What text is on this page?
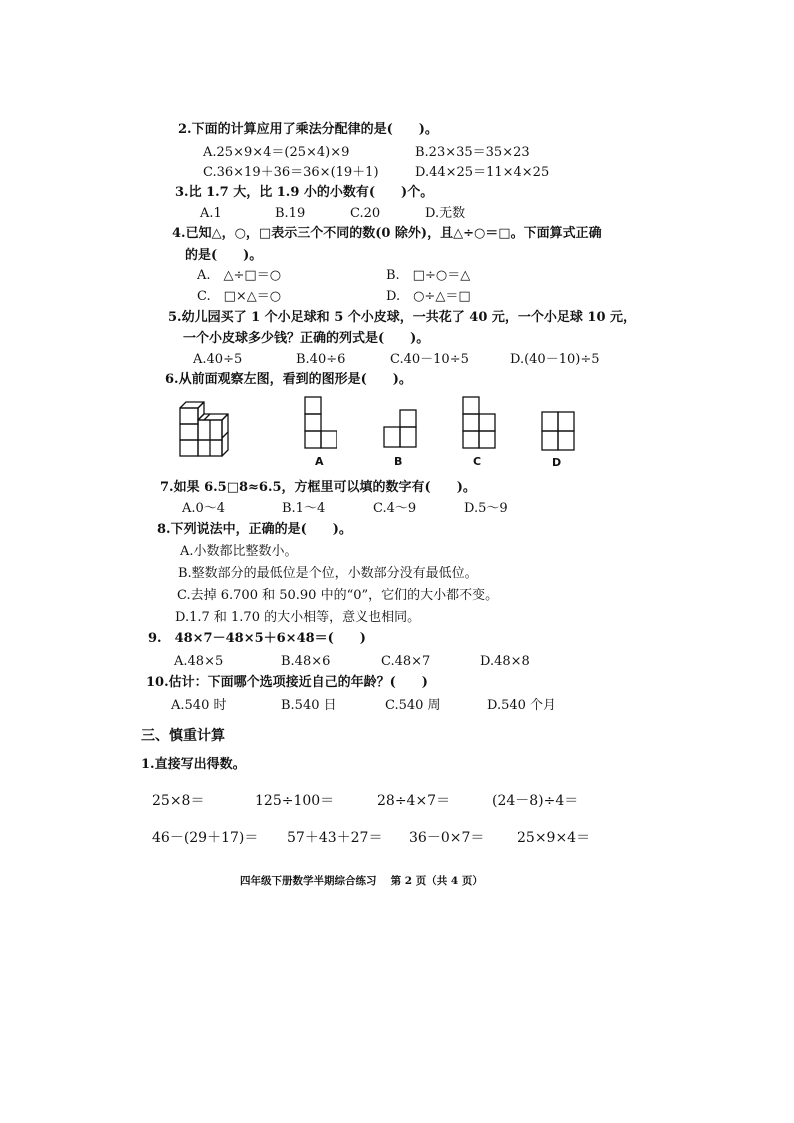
2.下面的计算应用了乘法分配律的是(　　)。
A.25×9×4＝(25×4)×9	B.23×35＝35×23
C.36×19＋36＝36×(19＋1)	D.44×25＝11×4×25
3.比 1.7 大，比 1.9 小的小数有(　　)个。
A.1	B.19	C.20	D.无数
4.已知△，○，□表示三个不同的数(0 除外)，且△÷○＝□。下面算式正确
的是(　　)。
A.　△÷□＝○	B.　□÷○＝△
C.　□×△＝○	D.　○÷△＝□
5.幼儿园买了 1 个小足球和 5 个小皮球，一共花了 40 元，一个小足球 10 元，
一个小皮球多少钱？正确的列式是(　　)。
A.40÷5	B.40÷6	C.40－10÷5	D.(40－10)÷5
6.从前面观察左图，看到的图形是(　　)。
A	B	C	D
7.如果 6.5□8≈6.5，方框里可以填的数字有(　　)。
A.0～4	B.1～4	C.4～9	D.5～9
8.下列说法中，正确的是(　　)。
A.小数都比整数小。
B.整数部分的最低位是个位，小数部分没有最低位。
C.去掉 6.700 和 50.90 中的“0”，它们的大小都不变。
D.1.7 和 1.70 的大小相等，意义也相同。
9.　48×7－48×5＋6×48＝(　　)
A.48×5	B.48×6	C.48×7	D.48×8
10.估计：下面哪个选项接近自己的年龄？(　　)
A.540 时	B.540 日	C.540 周	D.540 个月
三、慎重计算
1.直接写出得数。
25×8＝	125÷100＝	28÷4×7＝	(24－8)÷4＝
46－(29＋17)＝ 57＋43＋27＝ 36－0×7＝ 25×9×4＝
四年级下册数学半期综合练习　 第 2 页（共 4 页）
